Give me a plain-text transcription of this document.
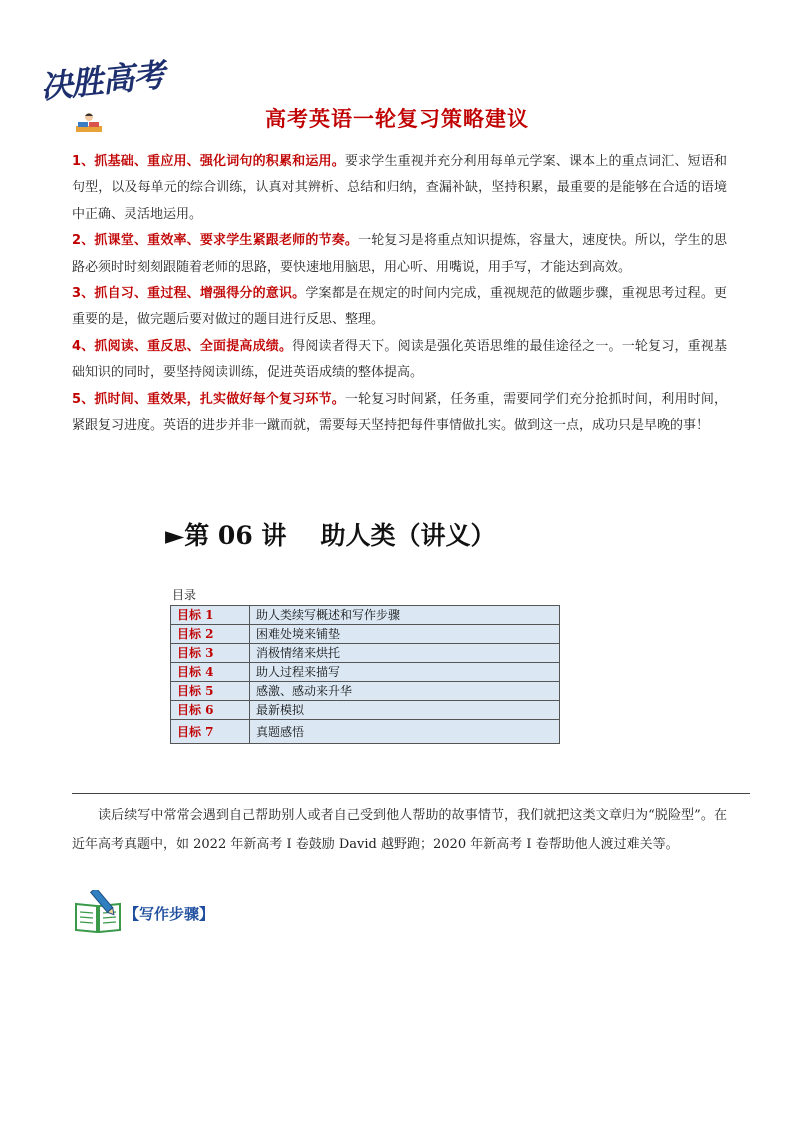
决胜高考
高考英语一轮复习策略建议

1、抓基础、重应用、强化词句的积累和运用。要求学生重视并充分利用每单元学案、课本上的重点词汇、短语和句型，以及每单元的综合训练，认真对其辨析、总结和归纳，查漏补缺，坚持积累，最重要的是能够在合适的语境中正确、灵活地运用。

2、抓课堂、重效率、要求学生紧跟老师的节奏。一轮复习是将重点知识提炼，容量大，速度快。所以，学生的思路必须时时刻刻跟随着老师的思路，要快速地用脑思，用心听、用嘴说，用手写，才能达到高效。

3、抓自习、重过程、增强得分的意识。学案都是在规定的时间内完成，重视规范的做题步骤，重视思考过程。更重要的是，做完题后要对做过的题目进行反思、整理。

4、抓阅读、重反思、全面提高成绩。得阅读者得天下。阅读是强化英语思维的最佳途径之一。一轮复习，重视基础知识的同时，要坚持阅读训练，促进英语成绩的整体提高。

5、抓时间、重效果，扎实做好每个复习环节。一轮复习时间紧，任务重，需要同学们充分抢抓时间，利用时间，紧跟复习进度。英语的进步并非一蹴而就，需要每天坚持把每件事情做扎实。做到这一点，成功只是早晚的事！

►第 06 讲 助人类（讲义）
目录
目标 1	助人类续写概述和写作步骤
目标 2	困难处境来铺垫
目标 3	消极情绪来烘托
目标 4	助人过程来描写
目标 5	感激、感动来升华
目标 6	最新模拟
目标 7	真题感悟

读后续写中常常会遇到自己帮助别人或者自己受到他人帮助的故事情节，我们就把这类文章归为“脱险型”。在近年高考真题中，如 2022 年新高考 I 卷鼓励 David 越野跑；2020 年新高考 I 卷帮助他人渡过难关等。

【写作步骤】
